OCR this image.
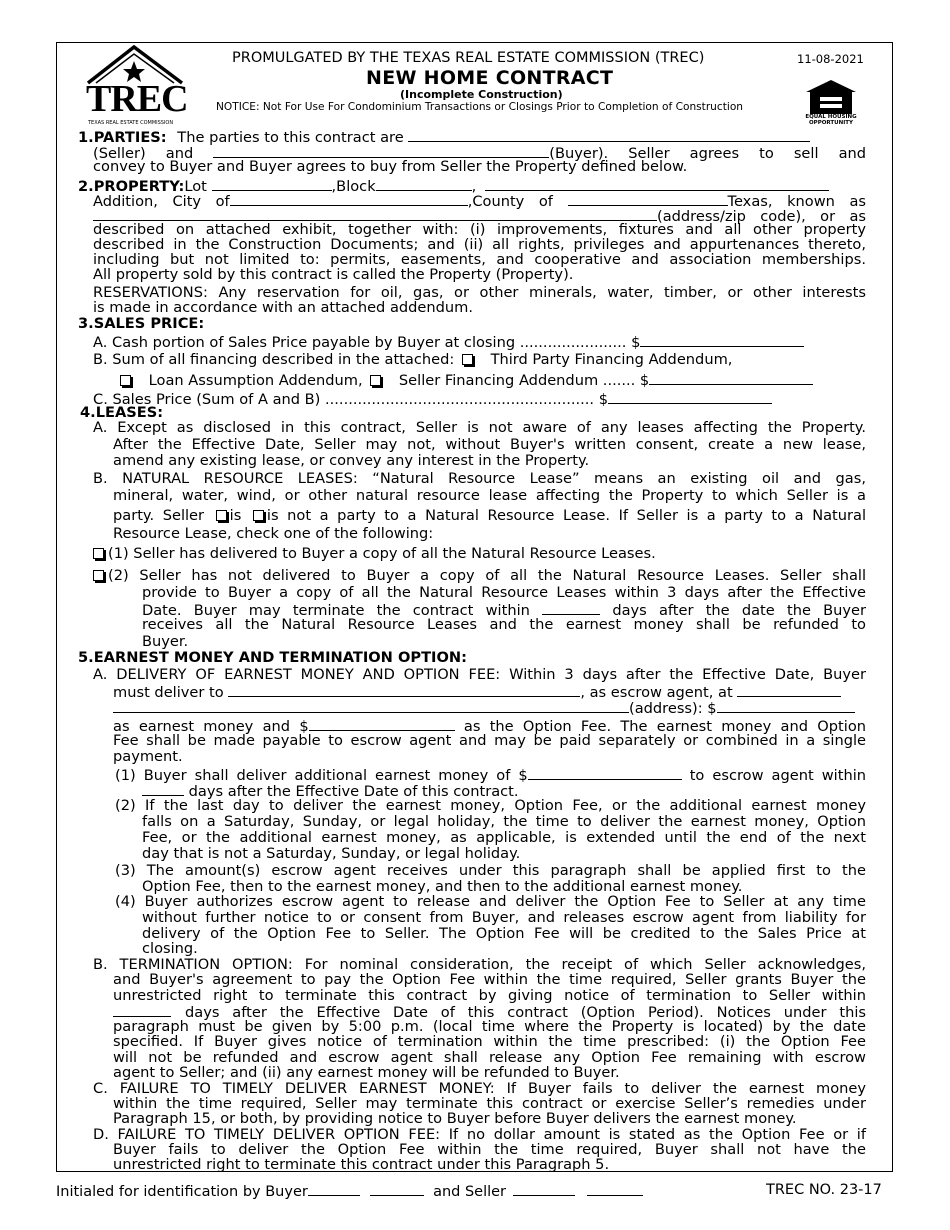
TREC
TEXAS REAL ESTATE COMMISSION
PROMULGATED BY THE TEXAS REAL ESTATE COMMISSION (TREC)	11-08-2021
NEW HOME CONTRACT
(Incomplete Construction)
NOTICE: Not For Use For Condominium Transactions or Closings Prior to Completion of Construction
EQUAL HOUSING OPPORTUNITY
1.PARTIES: The parties to this contract are
(Seller) and	(Buyer). Seller agrees to sell and
convey to Buyer and Buyer agrees to buy from Seller the Property defined below.
2.PROPERTY:Lot	,Block	,
Addition, City of	,County of	Texas, known as
(address/zip code), or as
described on attached exhibit, together with: (i) improvements, fixtures and all other property
described in the Construction Documents; and (ii) all rights, privileges and appurtenances thereto,
including but not limited to: permits, easements, and cooperative and association memberships.
All property sold by this contract is called the Property (Property).
RESERVATIONS: Any reservation for oil, gas, or other minerals, water, timber, or other interests
is made in accordance with an attached addendum.
3.SALES PRICE:
A. Cash portion of Sales Price payable by Buyer at closing ....................... $
B. Sum of all financing described in the attached: Third Party Financing Addendum,
Loan Assumption Addendum, Seller Financing Addendum ....... $
C. Sales Price (Sum of A and B) .......................................................... $
4.LEASES:
A. Except as disclosed in this contract, Seller is not aware of any leases affecting the Property.
After the Effective Date, Seller may not, without Buyer's written consent, create a new lease,
amend any existing lease, or convey any interest in the Property.
B. NATURAL RESOURCE LEASES: “Natural Resource Lease” means an existing oil and gas,
mineral, water, wind, or other natural resource lease affecting the Property to which Seller is a
party. Seller is is not a party to a Natural Resource Lease. If Seller is a party to a Natural
Resource Lease, check one of the following:
(1) Seller has delivered to Buyer a copy of all the Natural Resource Leases.
(2) Seller has not delivered to Buyer a copy of all the Natural Resource Leases. Seller shall
provide to Buyer a copy of all the Natural Resource Leases within 3 days after the Effective
Date. Buyer may terminate the contract within	days after the date the Buyer
receives all the Natural Resource Leases and the earnest money shall be refunded to
Buyer.
5.EARNEST MONEY AND TERMINATION OPTION:
A. DELIVERY OF EARNEST MONEY AND OPTION FEE: Within 3 days after the Effective Date, Buyer
must deliver to	, as escrow agent, at
(address): $
as earnest money and $	as the Option Fee. The earnest money and Option
Fee shall be made payable to escrow agent and may be paid separately or combined in a single
payment.
(1) Buyer shall deliver additional earnest money of $	to escrow agent within
days after the Effective Date of this contract.
(2) If the last day to deliver the earnest money, Option Fee, or the additional earnest money
falls on a Saturday, Sunday, or legal holiday, the time to deliver the earnest money, Option
Fee, or the additional earnest money, as applicable, is extended until the end of the next
day that is not a Saturday, Sunday, or legal holiday.
(3) The amount(s) escrow agent receives under this paragraph shall be applied first to the
Option Fee, then to the earnest money, and then to the additional earnest money.
(4) Buyer authorizes escrow agent to release and deliver the Option Fee to Seller at any time
without further notice to or consent from Buyer, and releases escrow agent from liability for
delivery of the Option Fee to Seller. The Option Fee will be credited to the Sales Price at
closing.
B. TERMINATION OPTION: For nominal consideration, the receipt of which Seller acknowledges,
and Buyer's agreement to pay the Option Fee within the time required, Seller grants Buyer the
unrestricted right to terminate this contract by giving notice of termination to Seller within
days after the Effective Date of this contract (Option Period). Notices under this
paragraph must be given by 5:00 p.m. (local time where the Property is located) by the date
specified. If Buyer gives notice of termination within the time prescribed: (i) the Option Fee
will not be refunded and escrow agent shall release any Option Fee remaining with escrow
agent to Seller; and (ii) any earnest money will be refunded to Buyer.
C. FAILURE TO TIMELY DELIVER EARNEST MONEY: If Buyer fails to deliver the earnest money
within the time required, Seller may terminate this contract or exercise Seller’s remedies under
Paragraph 15, or both, by providing notice to Buyer before Buyer delivers the earnest money.
D. FAILURE TO TIMELY DELIVER OPTION FEE: If no dollar amount is stated as the Option Fee or if
Buyer fails to deliver the Option Fee within the time required, Buyer shall not have the
unrestricted right to terminate this contract under this Paragraph 5.
Initialed for identification by Buyer	and Seller	TREC NO. 23-17
